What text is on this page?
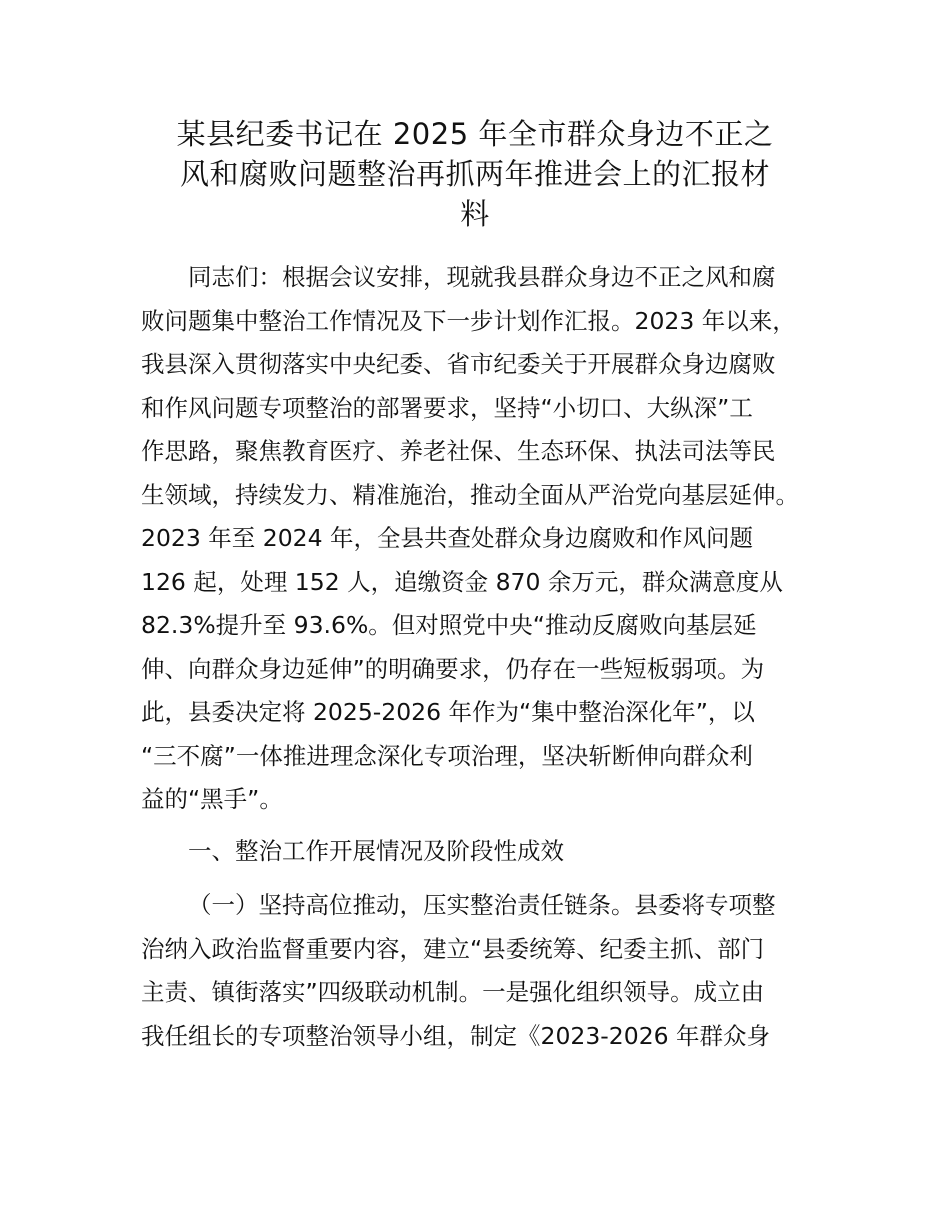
某县纪委书记在 2025 年全市群众身边不正之
风和腐败问题整治再抓两年推进会上的汇报材
料
同志们：根据会议安排，现就我县群众身边不正之风和腐
败问题集中整治工作情况及下一步计划作汇报。2023 年以来，
我县深入贯彻落实中央纪委、省市纪委关于开展群众身边腐败
和作风问题专项整治的部署要求，坚持“小切口、大纵深”工
作思路，聚焦教育医疗、养老社保、生态环保、执法司法等民
生领域，持续发力、精准施治，推动全面从严治党向基层延伸。
2023 年至 2024 年，全县共查处群众身边腐败和作风问题
126 起，处理 152 人，追缴资金 870 余万元，群众满意度从
82.3%提升至 93.6%。但对照党中央“推动反腐败向基层延
伸、向群众身边延伸”的明确要求，仍存在一些短板弱项。为
此，县委决定将 2025-2026 年作为“集中整治深化年”，以
“三不腐”一体推进理念深化专项治理，坚决斩断伸向群众利
益的“黑手”。
一、整治工作开展情况及阶段性成效
（一）坚持高位推动，压实整治责任链条。县委将专项整
治纳入政治监督重要内容，建立“县委统筹、纪委主抓、部门
主责、镇街落实”四级联动机制。一是强化组织领导。成立由
我任组长的专项整治领导小组，制定《2023-2026 年群众身
